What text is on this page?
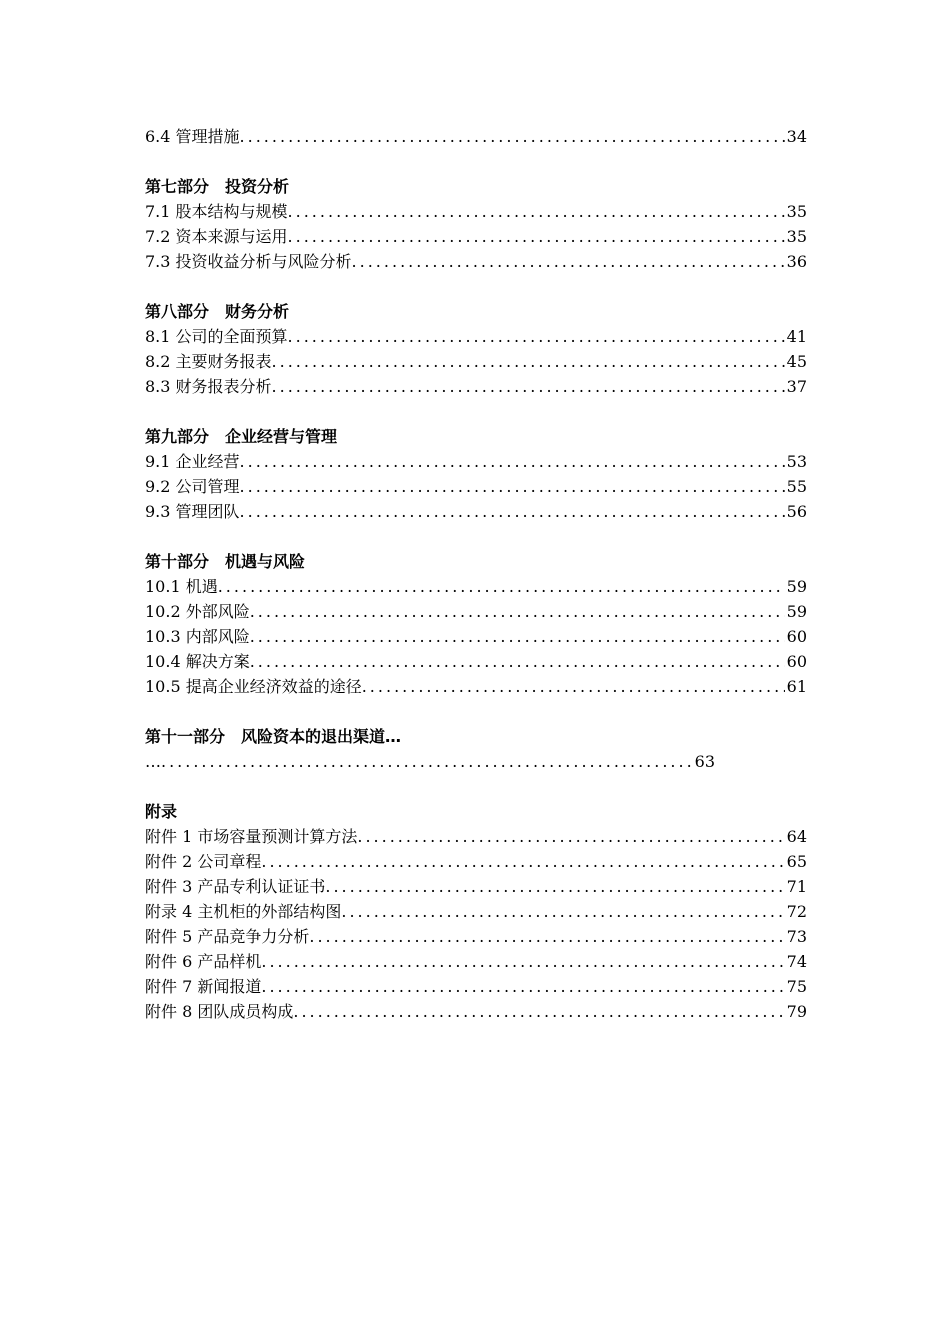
6.4 管理措施 .....	34
第七部分　投资分析
7.1 股本结构与规模 .....	35
7.2 资本来源与运用 .....	35
7.3 投资收益分析与风险分析 .....	36
第八部分　财务分析
8.1 公司的全面预算 .....	41
8.2 主要财务报表 .....	45
8.3 财务报表分析 .....	37
第九部分　企业经营与管理
9.1 企业经营 .....	53
9.2 公司管理 .....	55
9.3 管理团队 .....	56
第十部分　机遇与风险
10.1 机遇 .....	59
10.2 外部风险 .....	59
10.3 内部风险 .....	60
10.4 解决方案 .....	60
10.5 提高企业经济效益的途径 .....	61
第十一部分　风险资本的退出渠道…
… .....	63
附录
附件 1 市场容量预测计算方法 .....	64
附件 2 公司章程 .....	65
附件 3 产品专利认证证书 .....	71
附录 4 主机柜的外部结构图 .....	72
附件 5 产品竞争力分析 .....	73
附件 6 产品样机 .....	74
附件 7 新闻报道 .....	75
附件 8 团队成员构成 .....	79
